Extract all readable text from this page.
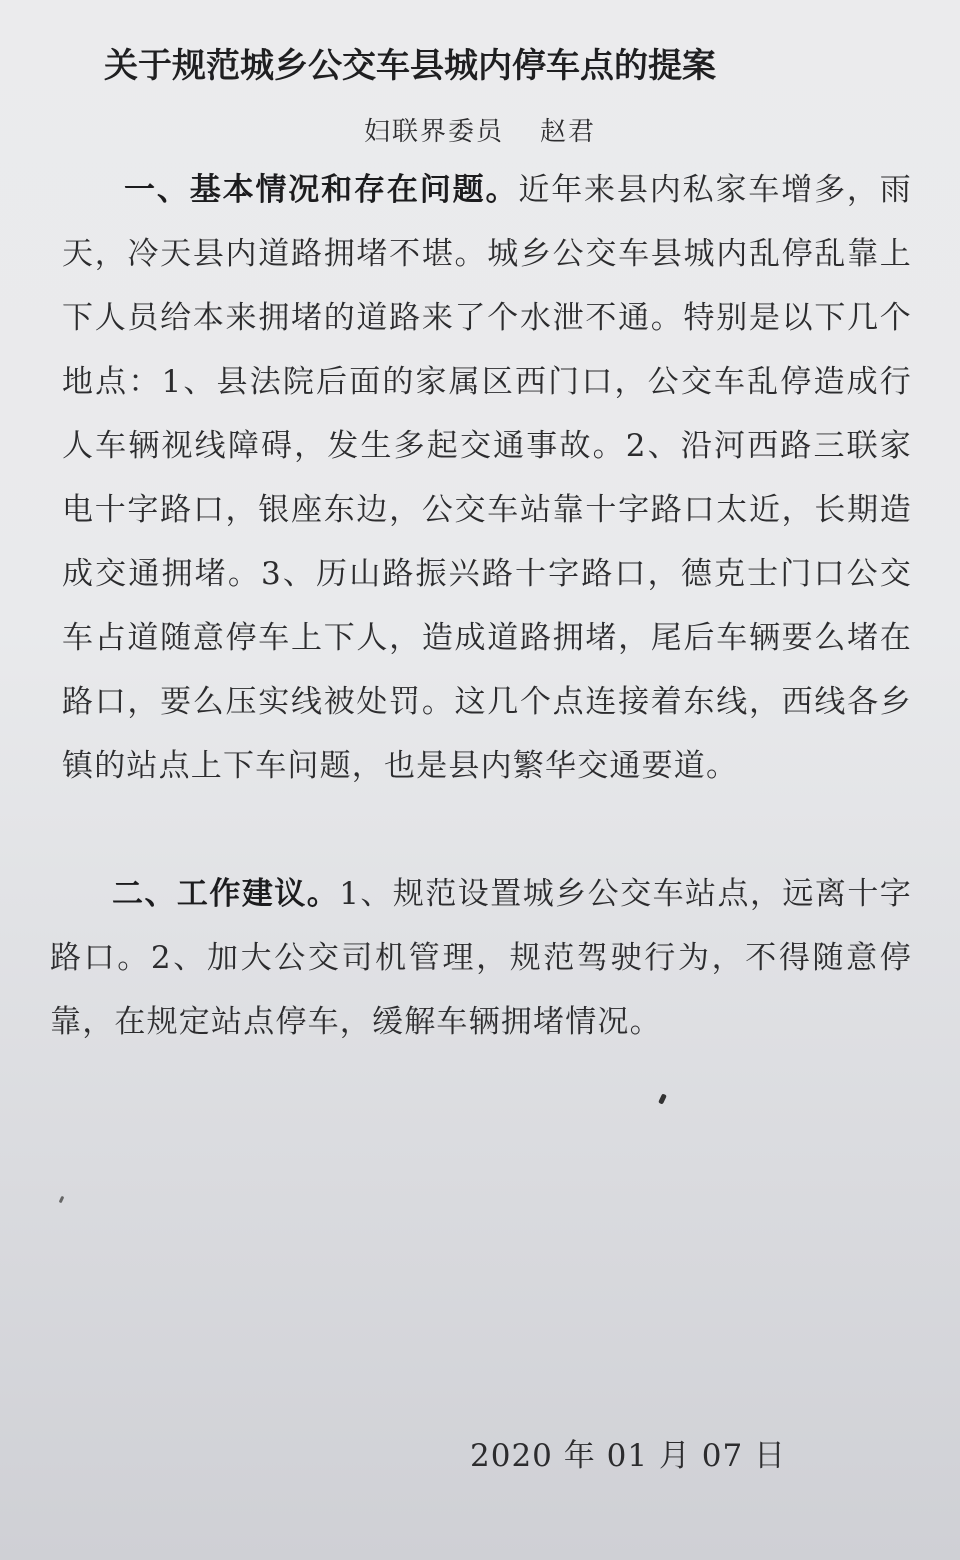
关于规范城乡公交车县城内停车点的提案
妇联界委员 赵君

一、基本情况和存在问题。近年来县内私家车增多，雨天，冷天县内道路拥堵不堪。城乡公交车县城内乱停乱靠上下人员给本来拥堵的道路来了个水泄不通。特别是以下几个地点：1、县法院后面的家属区西门口，公交车乱停造成行人车辆视线障碍，发生多起交通事故。2、沿河西路三联家电十字路口，银座东边，公交车站靠十字路口太近，长期造成交通拥堵。3、历山路振兴路十字路口，德克士门口公交车占道随意停车上下人，造成道路拥堵，尾后车辆要么堵在路口，要么压实线被处罚。这几个点连接着东线，西线各乡镇的站点上下车问题，也是县内繁华交通要道。

二、工作建议。1、规范设置城乡公交车站点，远离十字路口。2、加大公交司机管理，规范驾驶行为，不得随意停靠，在规定站点停车，缓解车辆拥堵情况。

2020 年 01 月 07 日
